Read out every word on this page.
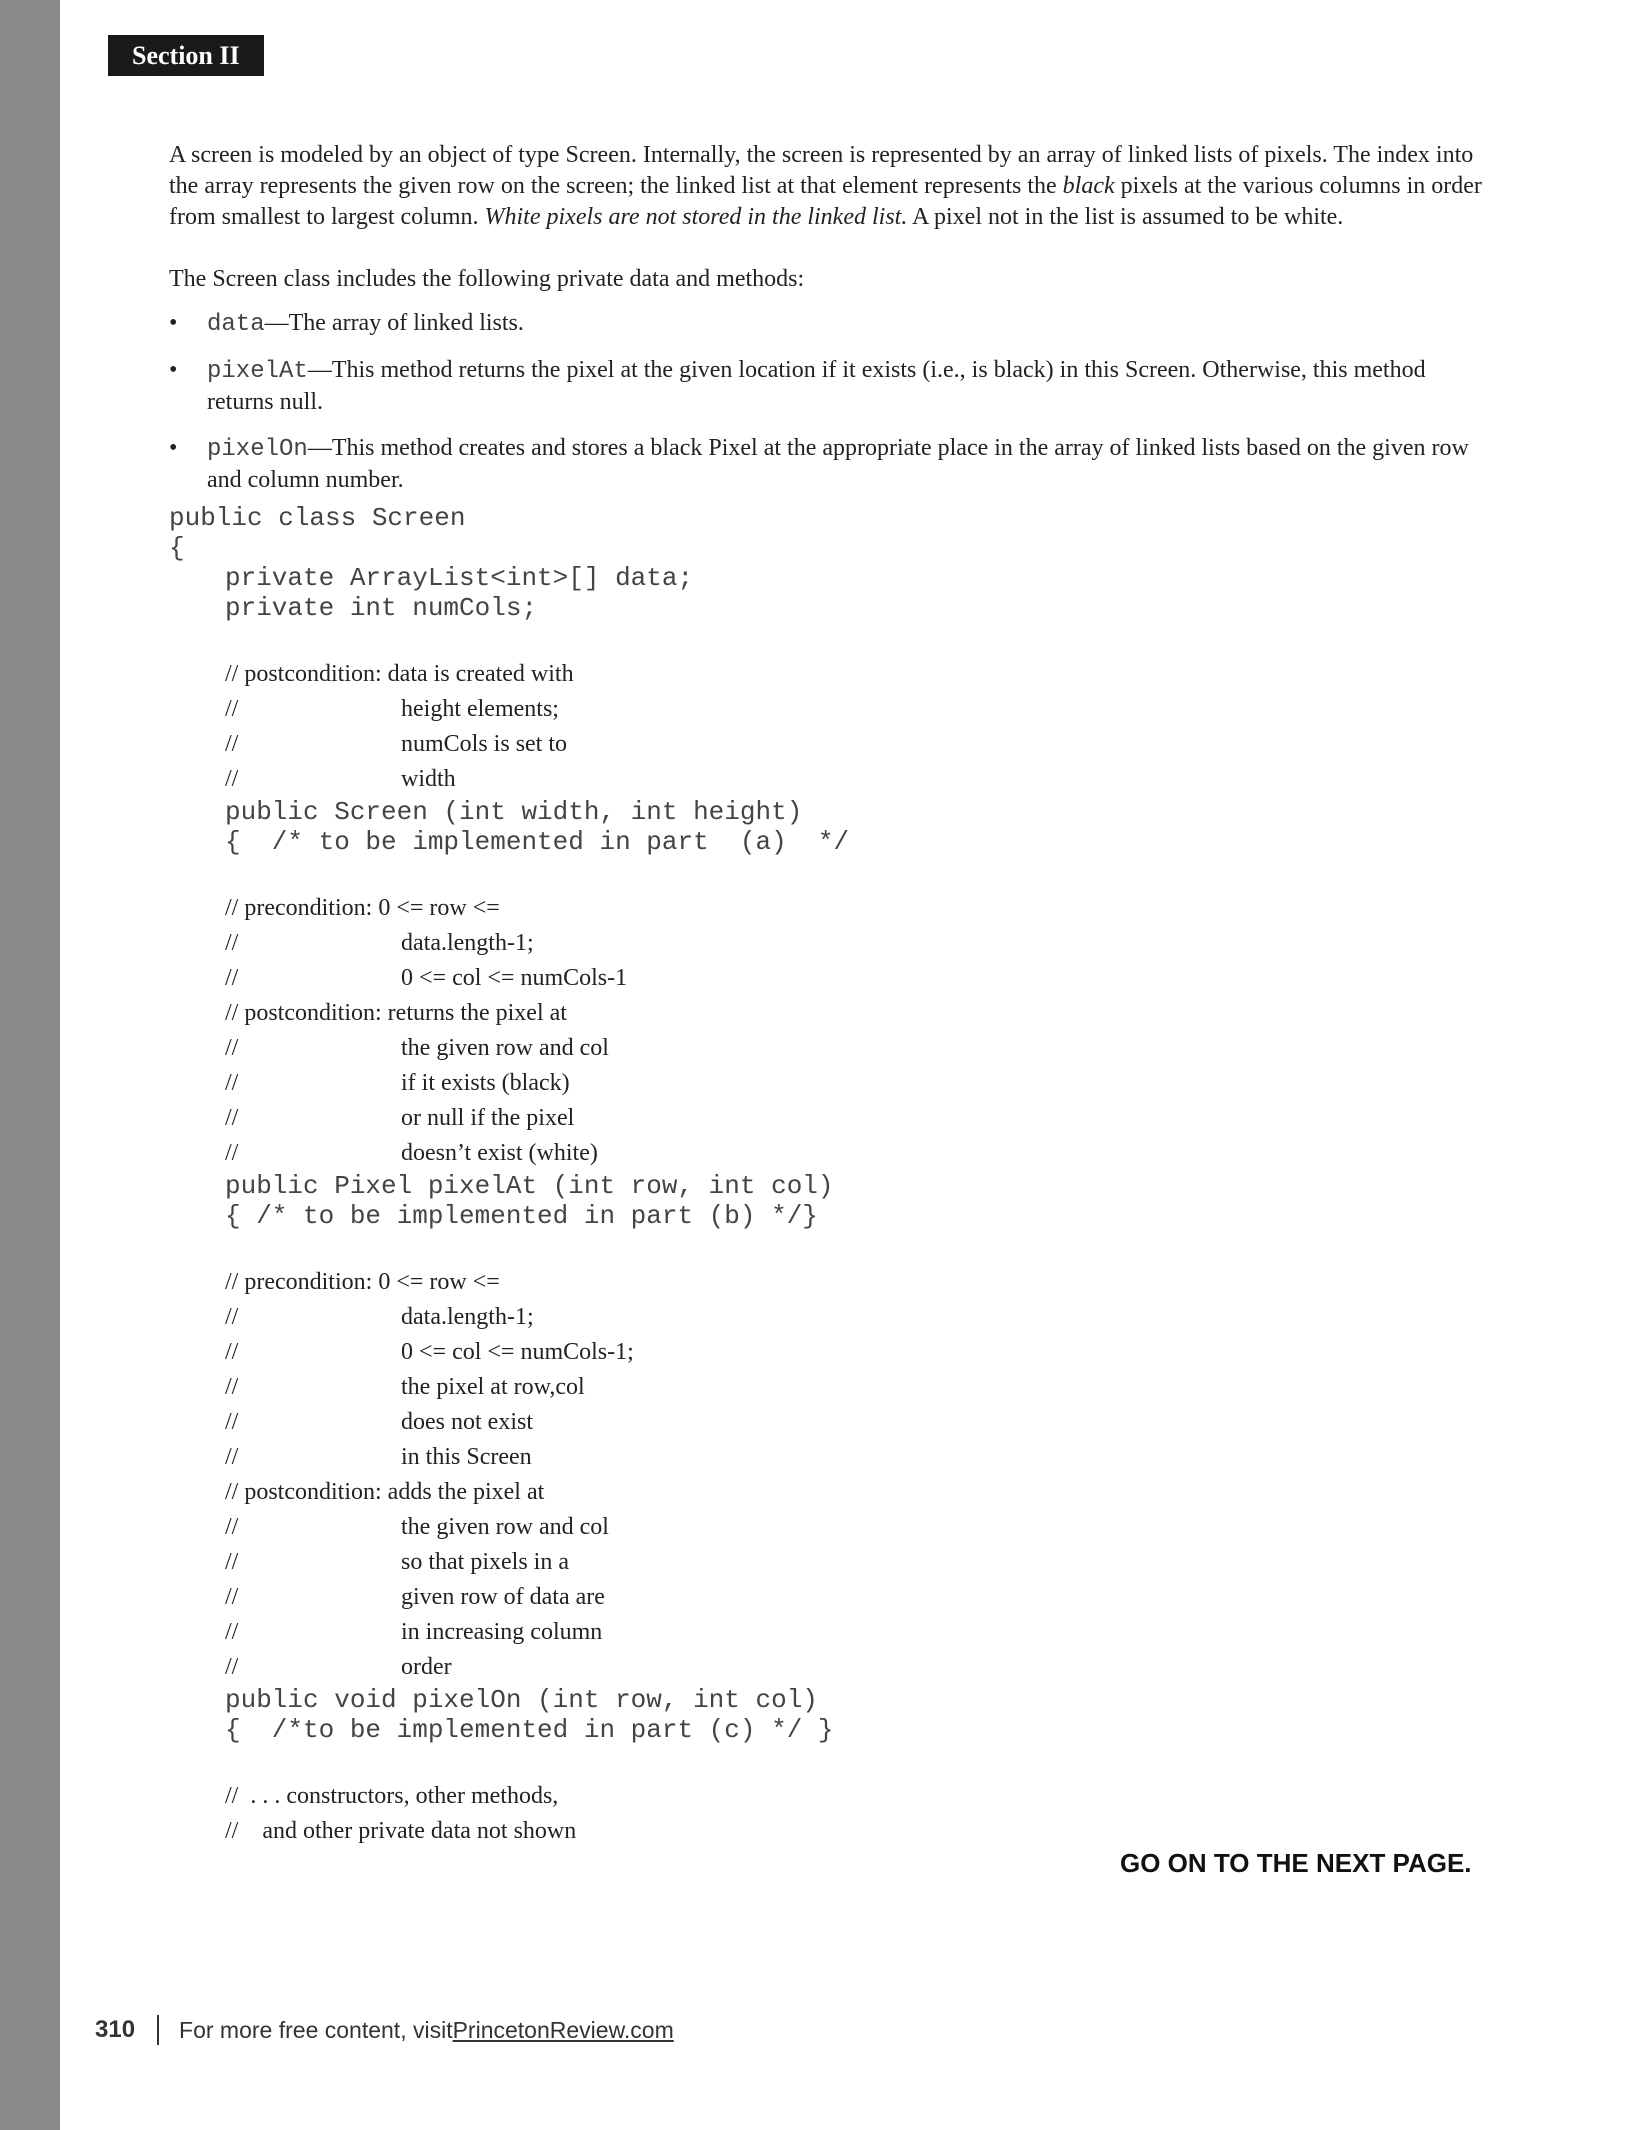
Section II

A screen is modeled by an object of type Screen. Internally, the screen is represented by an array of linked lists of pixels. The index into the array represents the given row on the screen; the linked list at that element represents the black pixels at the various columns in order from smallest to largest column. White pixels are not stored in the linked list. A pixel not in the list is assumed to be white.

The Screen class includes the following private data and methods:

• data—The array of linked lists.
• pixelAt—This method returns the pixel at the given location if it exists (i.e., is black) in this Screen. Otherwise, this method returns null.
• pixelOn—This method creates and stores a black Pixel at the appropriate place in the array of linked lists based on the given row and column number.
public class Screen
{
private ArrayList<int>[] data;
private int numCols;
// postcondition: data is created with
//	height elements;
//	numCols is set to
//	width
public Screen (int width, int height)
{  /* to be implemented in part  (a)  */
// precondition: 0 <= row <=
//	data.length-1;
//	0 <= col <= numCols-1
// postcondition: returns the pixel at
//	the given row and col
//	if it exists (black)
//	or null if the pixel
//	doesn’t exist (white)
public Pixel pixelAt (int row, int col)
{ /* to be implemented in part (b) */}
// precondition: 0 <= row <=
//	data.length-1;
//	0 <= col <= numCols-1;
//	the pixel at row,col
//	does not exist
//	in this Screen
// postcondition: adds the pixel at
//	the given row and col
//	so that pixels in a
//	given row of data are
//	in increasing column
//	order
public void pixelOn (int row, int col)
{  /*to be implemented in part (c) */ }
//  . . . constructors, other methods,
//    and other private data not shown
GO ON TO THE NEXT PAGE.
310 For more free content, visit PrincetonReview.com
